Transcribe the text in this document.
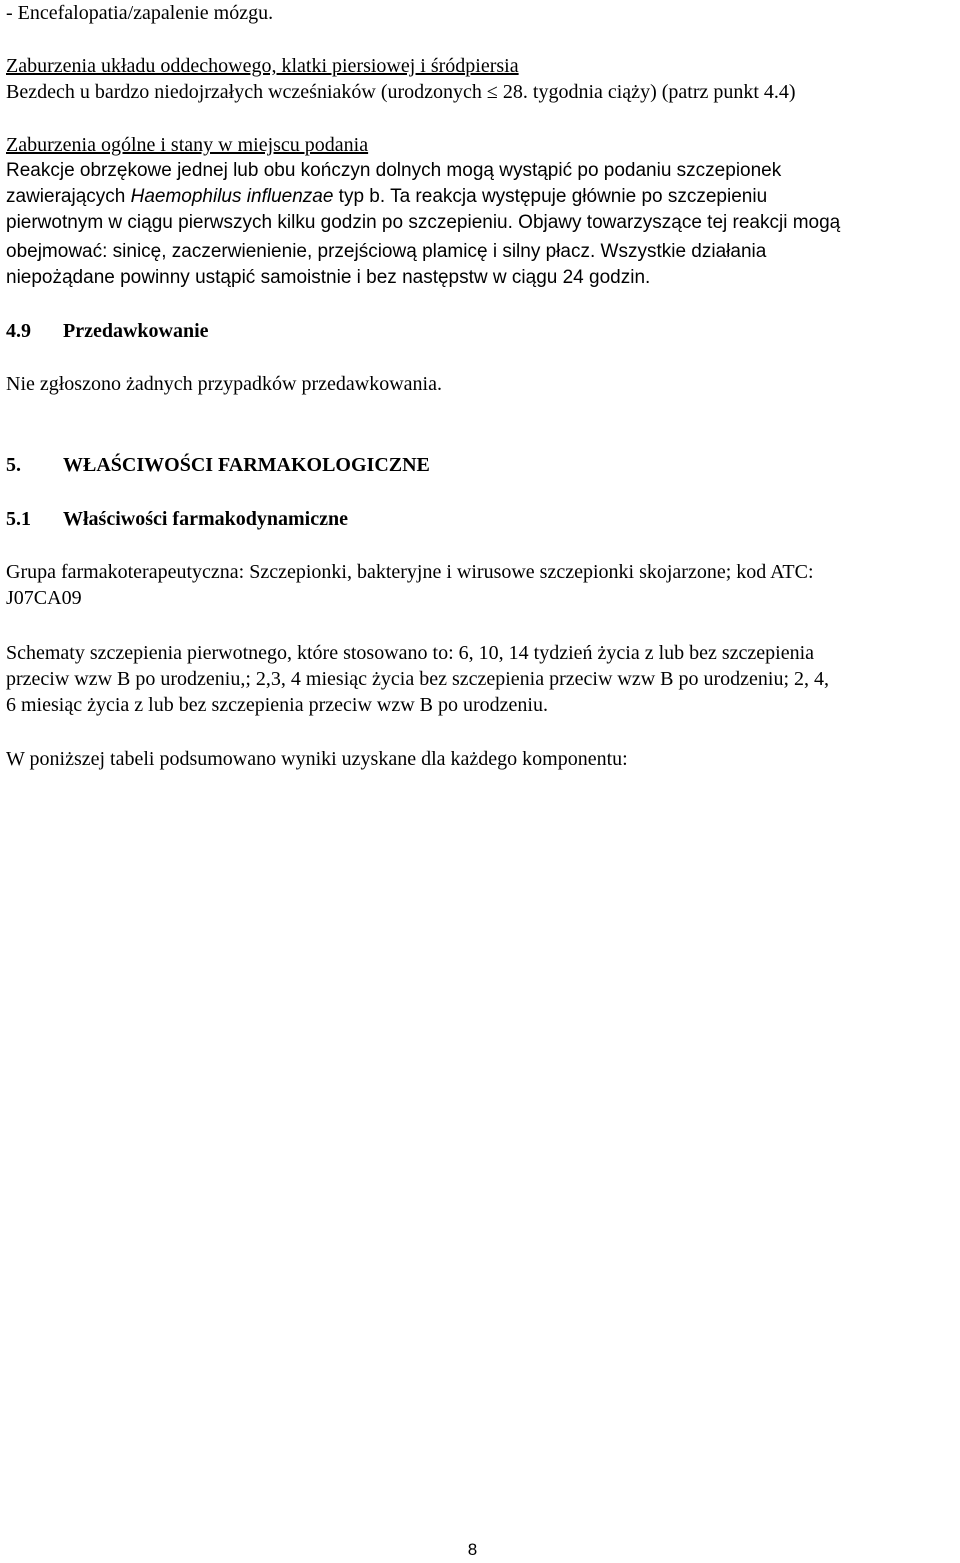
- Encefalopatia/zapalenie mózgu.
Zaburzenia układu oddechowego, klatki piersiowej i śródpiersia
Bezdech u bardzo niedojrzałych wcześniaków (urodzonych ≤ 28. tygodnia ciąży) (patrz punkt 4.4)
Zaburzenia ogólne i stany w miejscu podania
Reakcje obrzękowe jednej lub obu kończyn dolnych mogą wystąpić po podaniu szczepionek
zawierających Haemophilus influenzae typ b. Ta reakcja występuje głównie po szczepieniu
pierwotnym w ciągu pierwszych kilku godzin po szczepieniu. Objawy towarzyszące tej reakcji mogą
obejmować: sinicę, zaczerwienienie, przejściową plamicę i silny płacz. Wszystkie działania
niepożądane powinny ustąpić samoistnie i bez następstw w ciągu 24 godzin.
4.9 Przedawkowanie
Nie zgłoszono żadnych przypadków przedawkowania.
5. WŁAŚCIWOŚCI FARMAKOLOGICZNE
5.1 Właściwości farmakodynamiczne
Grupa farmakoterapeutyczna: Szczepionki, bakteryjne i wirusowe szczepionki skojarzone; kod ATC:
J07CA09
Schematy szczepienia pierwotnego, które stosowano to: 6, 10, 14 tydzień życia z lub bez szczepienia
przeciw wzw B po urodzeniu,; 2,3, 4 miesiąc życia bez szczepienia przeciw wzw B po urodzeniu; 2, 4,
6 miesiąc życia z lub bez szczepienia przeciw wzw B po urodzeniu.
W poniższej tabeli podsumowano wyniki uzyskane dla każdego komponentu:
8
